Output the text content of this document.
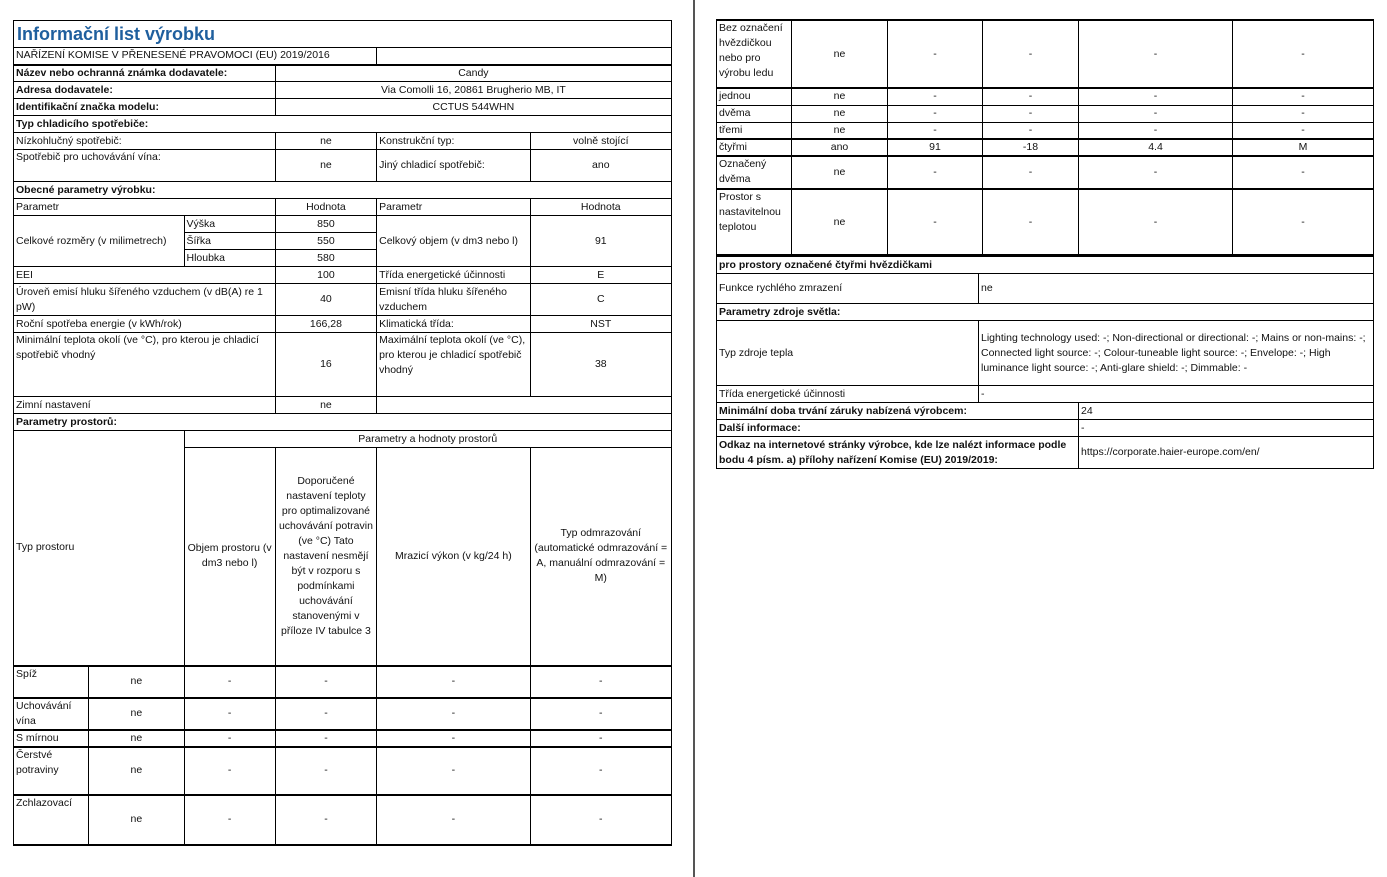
Informační list výrobku
NAŘÍZENÍ KOMISE V PŘENESENÉ PRAVOMOCI (EU) 2019/2016					
Název nebo ochranná známka dodavatele:			Candy		
Adresa dodavatele:			Via Comolli 16, 20861 Brugherio MB, IT		
Identifikační značka modelu:			CCTUS 544WHN		
Typ chladicího spotřebiče:					
Nízkohlučný spotřebič:			ne	Konstrukční typ:	volně stojící
Spotřebič pro uchovávání vína:			ne	Jiný chladicí spotřebič:	ano
Obecné parametry výrobku:					
Parametr			Hodnota	Parametr	Hodnota
Celkové rozměry (v milimetrech)		Výška	850	Celkový objem (v dm3 nebo l)	91
		Šířka	550		
		Hloubka	580		
EEI			100	Třída energetické účinnosti	E
Úroveň emisí hluku šířeného vzduchem (v dB(A) re 1 pW)			40	Emisní třída hluku šířeného vzduchem	C
Roční spotřeba energie (v kWh/rok)			166,28	Klimatická třída:	NST
Minimální teplota okolí (ve °C), pro kterou je chladicí spotřebič vhodný			16	Maximální teplota okolí (ve °C), pro kterou je chladicí spotřebič vhodný	38
Zimní nastavení			ne		
Parametry prostorů:					
Typ prostoru		Parametry a hodnoty prostorů			
		Objem prostoru (v dm3 nebo l)	Doporučené nastavení teploty pro optimalizované uchovávání potravin (ve °C) Tato nastavení nesmějí být v rozporu s podmínkami uchovávání stanovenými v příloze IV tabulce 3	Mrazicí výkon (v kg/24 h)	Typ odmrazování (automatické odmrazování = A, manuální odmrazování = M)
Spíž	ne	-	-	-	-
Uchovávání vína	ne	-	-	-	-
S mírnou	ne	-	-	-	-
Čerstvé potraviny	ne	-	-	-	-
Zchlazovací	ne	-	-	-	-
Bez označení hvězdičkou nebo pro výrobu ledu	ne	-	-	-	-
jednou	ne	-	-	-	-
dvěma	ne	-	-	-	-
třemi	ne	-	-	-	-
čtyřmi	ano	91	-18	4.4	M
Označený dvěma	ne	-	-	-	-
Prostor s nastavitelnou teplotou	ne	-	-	-	-
pro prostory označené čtyřmi hvězdičkami		
Funkce rychlého zmrazení	ne	
Parametry zdroje světla:		
Typ zdroje tepla	Lighting technology used: -; Non-directional or directional: -; Mains or non-mains: -; Connected light source: -; Colour-tuneable light source: -; Envelope: -; High luminance light source: -; Anti-glare shield: -; Dimmable: -	
Třída energetické účinnosti	-	
Minimální doba trvání záruky nabízená výrobcem:		24
Další informace:		-
Odkaz na internetové stránky výrobce, kde lze nalézt informace podle bodu 4 písm. a) přílohy nařízení Komise (EU) 2019/2019:		https://corporate.haier-europe.com/en/
